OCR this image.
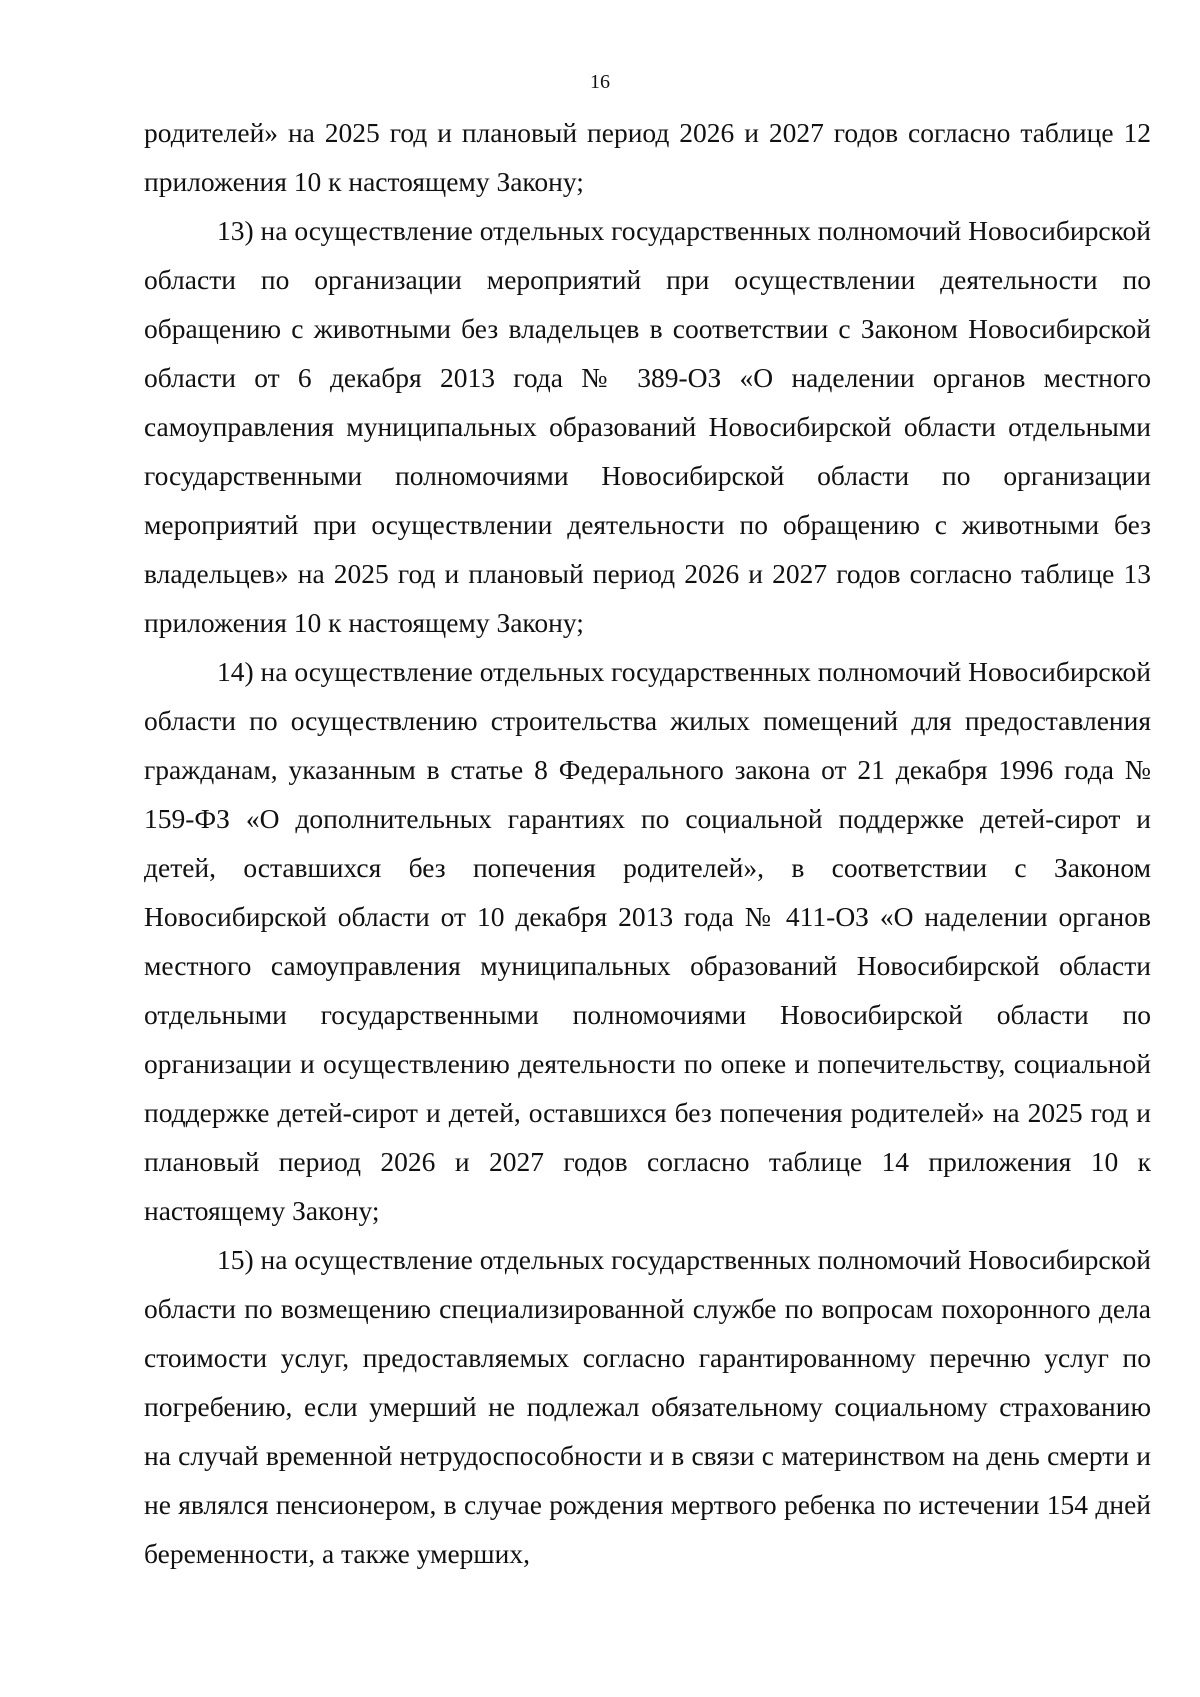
16

родителей» на 2025 год и плановый период 2026 и 2027 годов согласно таблице 12 приложения 10 к настоящему Закону;

13) на осуществление отдельных государственных полномочий Новосибирской области по организации мероприятий при осуществлении деятельности по обращению с животными без владельцев в соответствии с Законом Новосибирской области от 6 декабря 2013 года № 389-ОЗ «О наделении органов местного самоуправления муниципальных образований Новосибирской области отдельными государственными полномочиями Новосибирской области по организации мероприятий при осуществлении деятельности по обращению с животными без владельцев» на 2025 год и плановый период 2026 и 2027 годов согласно таблице 13 приложения 10 к настоящему Закону;

14) на осуществление отдельных государственных полномочий Новосибирской области по осуществлению строительства жилых помещений для предоставления гражданам, указанным в статье 8 Федерального закона от 21 декабря 1996 года № 159-ФЗ «О дополнительных гарантиях по социальной поддержке детей-сирот и детей, оставшихся без попечения родителей», в соответствии с Законом Новосибирской области от 10 декабря 2013 года № 411-ОЗ «О наделении органов местного самоуправления муниципальных образований Новосибирской области отдельными государственными полномочиями Новосибирской области по организации и осуществлению деятельности по опеке и попечительству, социальной поддержке детей-сирот и детей, оставшихся без попечения родителей» на 2025 год и плановый период 2026 и 2027 годов согласно таблице 14 приложения 10 к настоящему Закону;

15) на осуществление отдельных государственных полномочий Новосибирской области по возмещению специализированной службе по вопросам похоронного дела стоимости услуг, предоставляемых согласно гарантированному перечню услуг по погребению, если умерший не подлежал обязательному социальному страхованию на случай временной нетрудоспособности и в связи с материнством на день смерти и не являлся пенсионером, в случае рождения мертвого ребенка по истечении 154 дней беременности, а также умерших,
